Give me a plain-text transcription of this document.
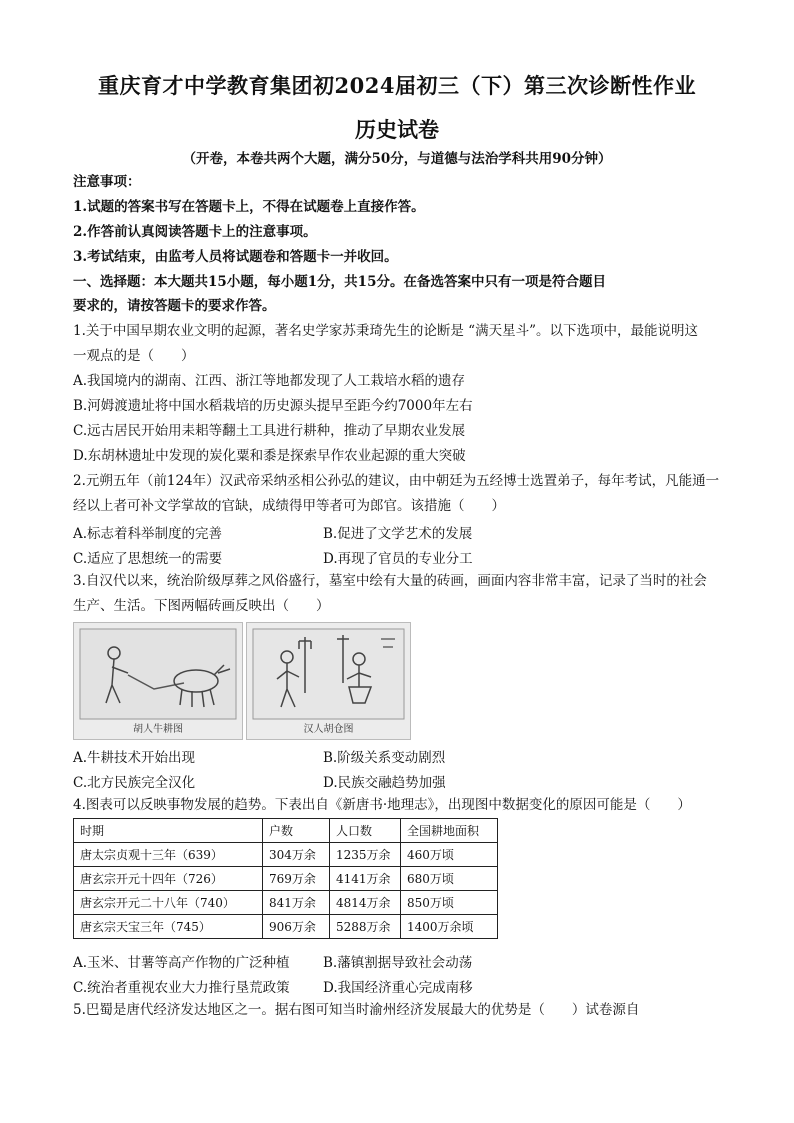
重庆育才中学教育集团初2024届初三（下）第三次诊断性作业
历史试卷
（开卷，本卷共两个大题，满分50分，与道德与法治学科共用90分钟）
注意事项：
1.试题的答案书写在答题卡上，不得在试题卷上直接作答。
2.作答前认真阅读答题卡上的注意事项。
3.考试结束，由监考人员将试题卷和答题卡一并收回。
一、选择题：本大题共15小题，每小题1分，共15分。在备选答案中只有一项是符合题目
要求的，请按答题卡的要求作答。
1.关于中国早期农业文明的起源，著名史学家苏秉琦先生的论断是 “满天星斗”。以下选项中，最能说明这
一观点的是（　　）
A.我国境内的湖南、江西、浙江等地都发现了人工栽培水稻的遗存
B.河姆渡遗址将中国水稻栽培的历史源头提早至距今约7000年左右
C.远古居民开始用耒耜等翻土工具进行耕种，推动了早期农业发展
D.东胡林遗址中发现的炭化粟和黍是探索早作农业起源的重大突破
2.元朔五年（前124年）汉武帝采纳丞相公孙弘的建议，由中朝廷为五经博士选置弟子，每年考试，凡能通一
经以上者可补文学掌故的官缺，成绩得甲等者可为郎官。该措施（　　）
A.标志着科举制度的完善	B.促进了文学艺术的发展
C.适应了思想统一的需要	D.再现了官员的专业分工
3.自汉代以来，统治阶级厚葬之风俗盛行，墓室中绘有大量的砖画，画面内容非常丰富，记录了当时的社会
生产、生活。下图两幅砖画反映出（　　）
胡人牛耕图	汉人胡仓图
A.牛耕技术开始出现	B.阶级关系变动剧烈
C.北方民族完全汉化	D.民族交融趋势加强
4.图表可以反映事物发展的趋势。下表出自《新唐书·地理志》，出现图中数据变化的原因可能是（　　）
时期	户数	人口数	全国耕地面积
唐太宗贞观十三年（639）	304万余	1235万余	460万顷
唐玄宗开元十四年（726）	769万余	4141万余	680万顷
唐玄宗开元二十八年（740）	841万余	4814万余	850万顷
唐玄宗天宝三年（745）	906万余	5288万余	1400万余顷
A.玉米、甘薯等高产作物的广泛种植 B.藩镇割据导致社会动荡
C.统治者重视农业大力推行垦荒政策 D.我国经济重心完成南移
5.巴蜀是唐代经济发达地区之一。据右图可知当时渝州经济发展最大的优势是（　　）试卷源自
